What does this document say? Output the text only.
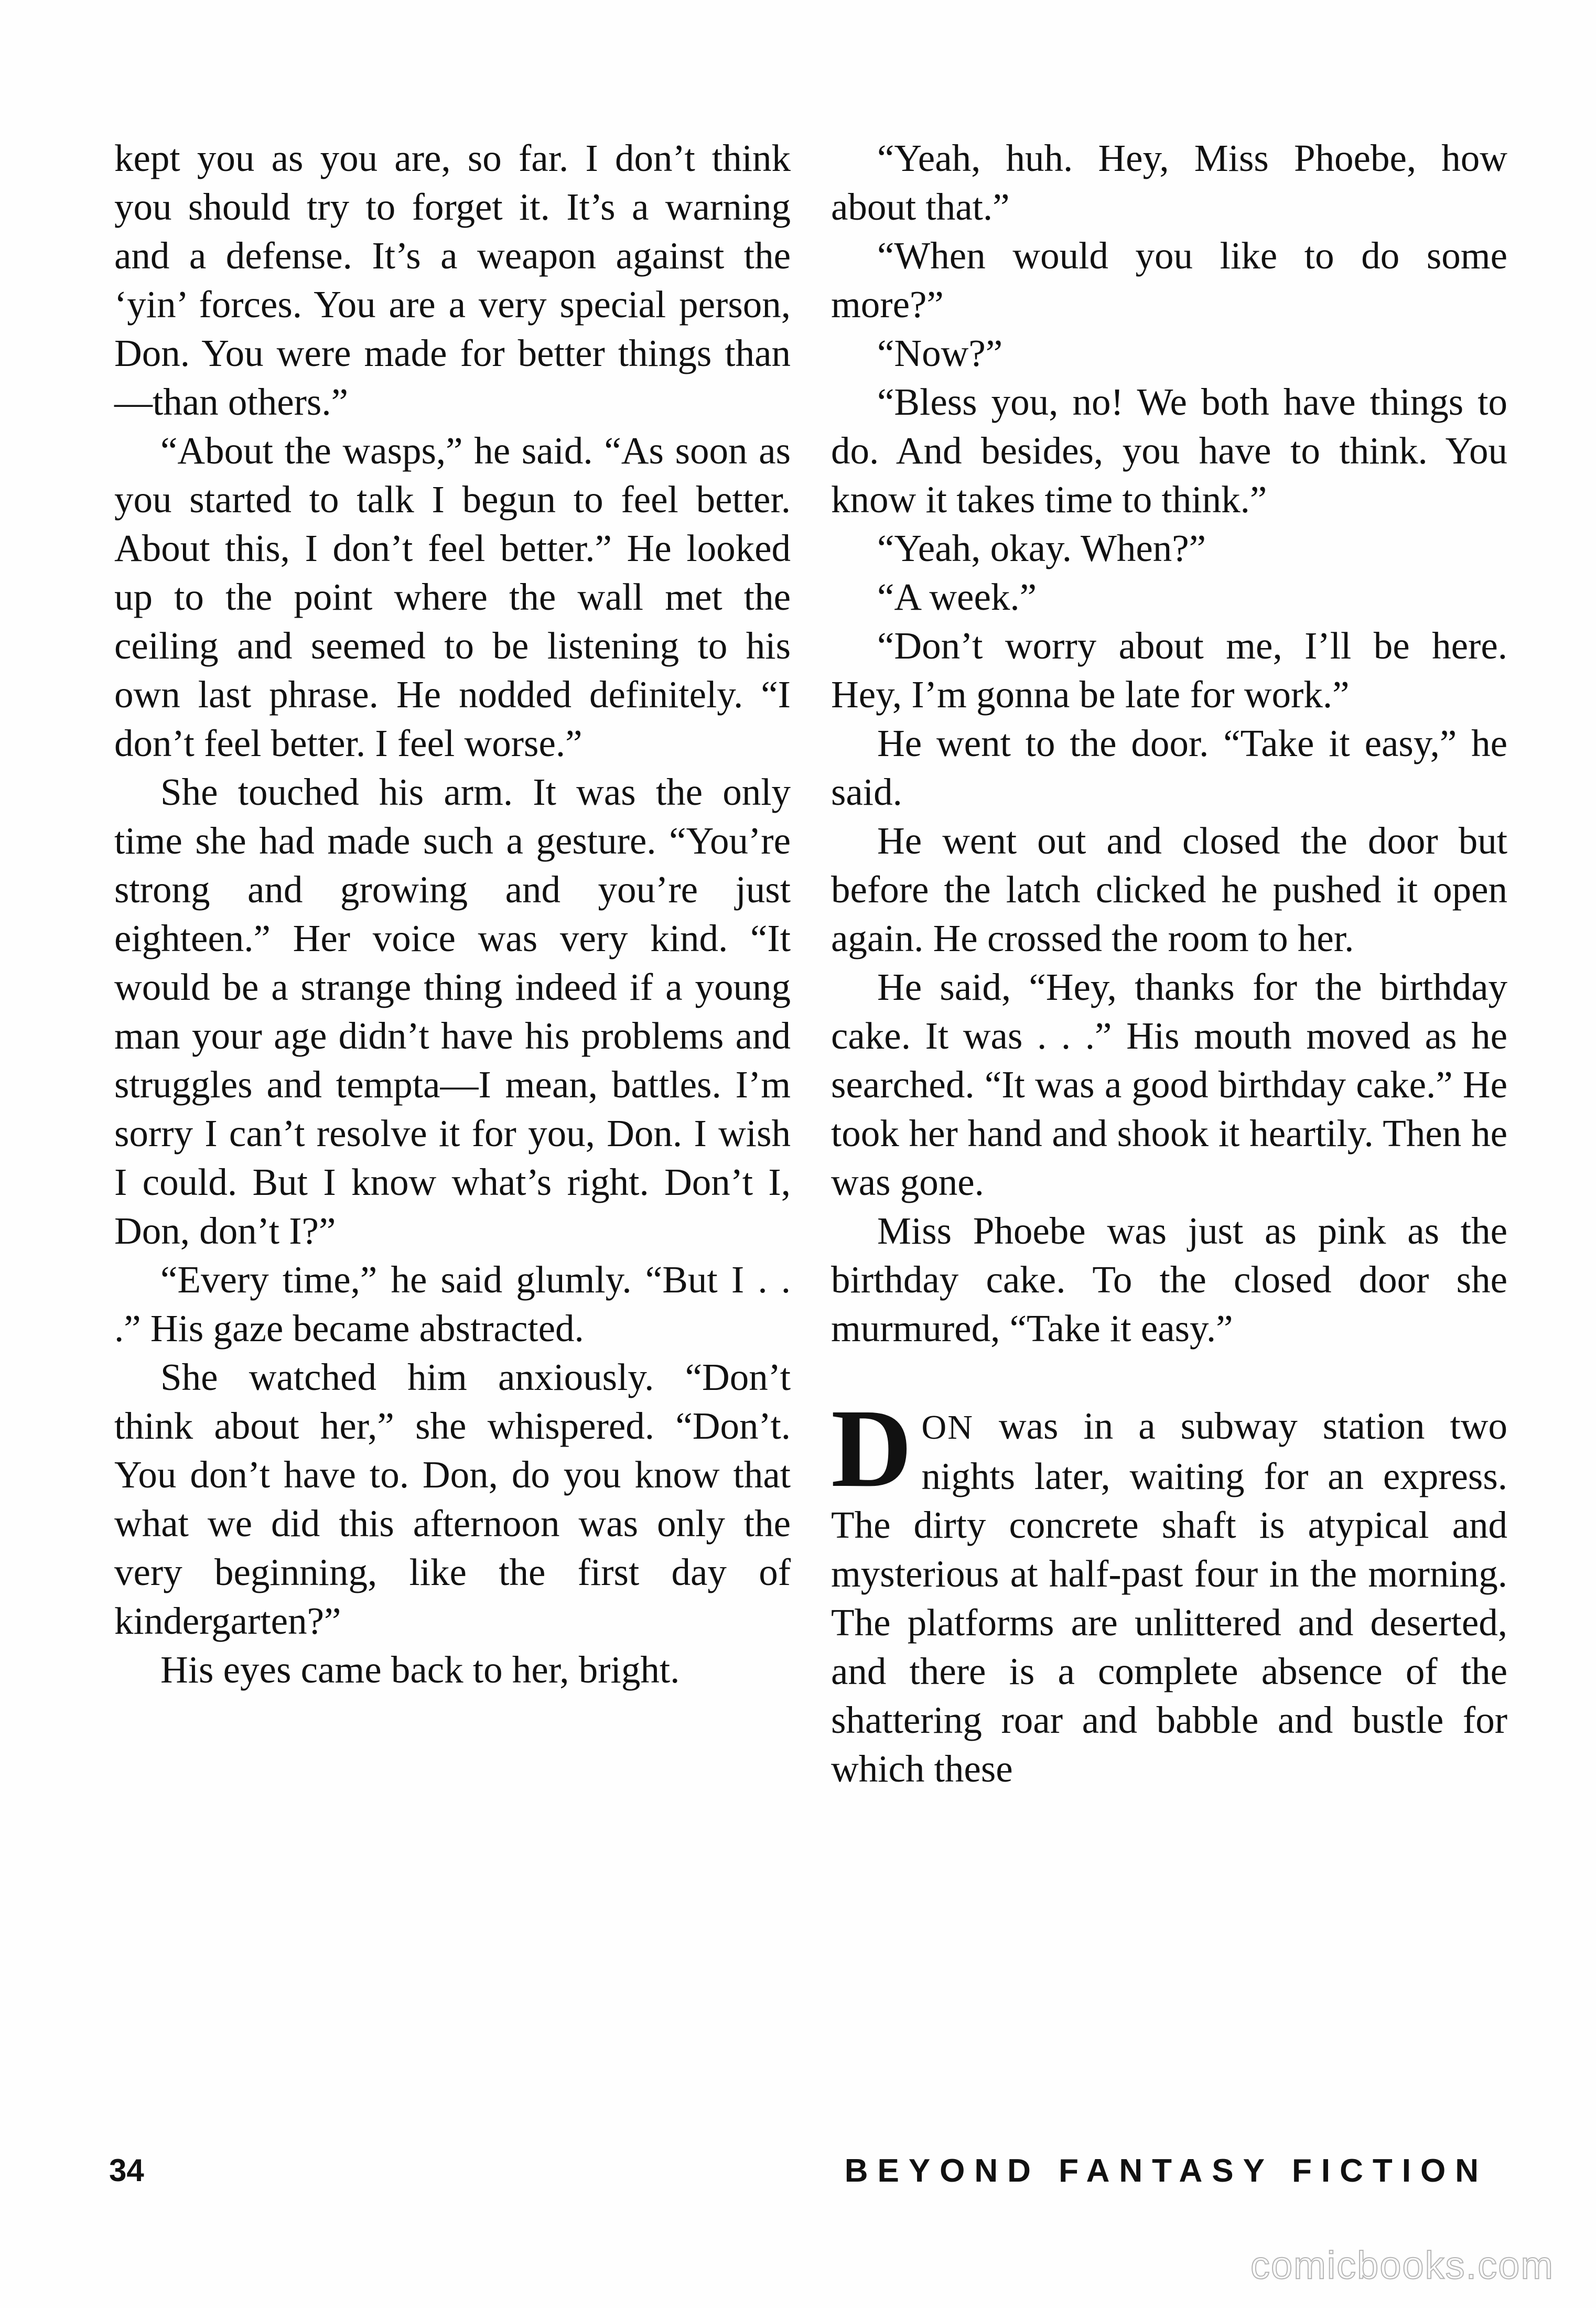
kept you as you are, so far. I don’t think you should try to forget it. It’s a warning and a defense. It’s a weapon against the ‘yin’ forces. You are a very special person, Don. You were made for better things than—than others.”

“About the wasps,” he said. “As soon as you started to talk I begun to feel better. About this, I don’t feel better.” He looked up to the point where the wall met the ceiling and seemed to be listening to his own last phrase. He nodded definitely. “I don’t feel better. I feel worse.”

She touched his arm. It was the only time she had made such a gesture. “You’re strong and growing and you’re just eighteen.” Her voice was very kind. “It would be a strange thing indeed if a young man your age didn’t have his problems and struggles and tempta—I mean, battles. I’m sorry I can’t resolve it for you, Don. I wish I could. But I know what’s right. Don’t I, Don, don’t I?”

“Every time,” he said glumly. “But I . . .” His gaze became abstracted.

She watched him anxiously. “Don’t think about her,” she whispered. “Don’t. You don’t have to. Don, do you know that what we did this afternoon was only the very beginning, like the first day of kindergarten?”

His eyes came back to her, bright.

“Yeah, huh. Hey, Miss Phoebe, how about that.”

“When would you like to do some more?”

“Now?”

“Bless you, no! We both have things to do. And besides, you have to think. You know it takes time to think.”

“Yeah, okay. When?”

“A week.”

“Don’t worry about me, I’ll be here. Hey, I’m gonna be late for work.”

He went to the door. “Take it easy,” he said.

He went out and closed the door but before the latch clicked he pushed it open again. He crossed the room to her.

He said, “Hey, thanks for the birthday cake. It was . . .” His mouth moved as he searched. “It was a good birthday cake.” He took her hand and shook it heartily. Then he was gone.

Miss Phoebe was just as pink as the birthday cake. To the closed door she murmured, “Take it easy.”

DON was in a subway station two nights later, waiting for an express. The dirty concrete shaft is atypical and mysterious at half-past four in the morning. The platforms are unlittered and deserted, and there is a complete absence of the shattering roar and babble and bustle for which these

34	BEYOND FANTASY FICTION
comicbooks.com
